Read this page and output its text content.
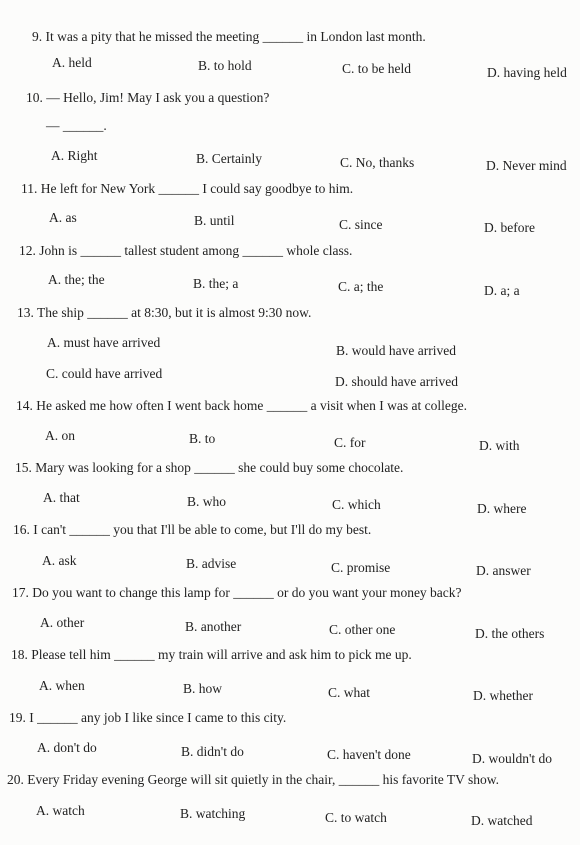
9. It was a pity that he missed the meeting ______ in London last month.
A. held	B. to hold	C. to be held	D. having held
10. — Hello, Jim! May I ask you a question?
— ______.
A. Right	B. Certainly	C. No, thanks	D. Never mind
11. He left for New York ______ I could say goodbye to him.
A. as	B. until	C. since	D. before
12. John is ______ tallest student among ______ whole class.
A. the; the	B. the; a	C. a; the	D. a; a
13. The ship ______ at 8:30, but it is almost 9:30 now.
A. must have arrived
B. would have arrived
C. could have arrived
D. should have arrived
14. He asked me how often I went back home ______ a visit when I was at college.
A. on	B. to	C. for	D. with
15. Mary was looking for a shop ______ she could buy some chocolate.
A. that	B. who	C. which	D. where
16. I can't ______ you that I'll be able to come, but I'll do my best.
A. ask	B. advise	C. promise	D. answer
17. Do you want to change this lamp for ______ or do you want your money back?
A. other	B. another	C. other one	D. the others
18. Please tell him ______ my train will arrive and ask him to pick me up.
A. when	B. how	C. what	D. whether
19. I ______ any job I like since I came to this city.
A. don't do	B. didn't do	C. haven't done	D. wouldn't do
20. Every Friday evening George will sit quietly in the chair, ______ his favorite TV show.
A. watch	B. watching	C. to watch	D. watched
